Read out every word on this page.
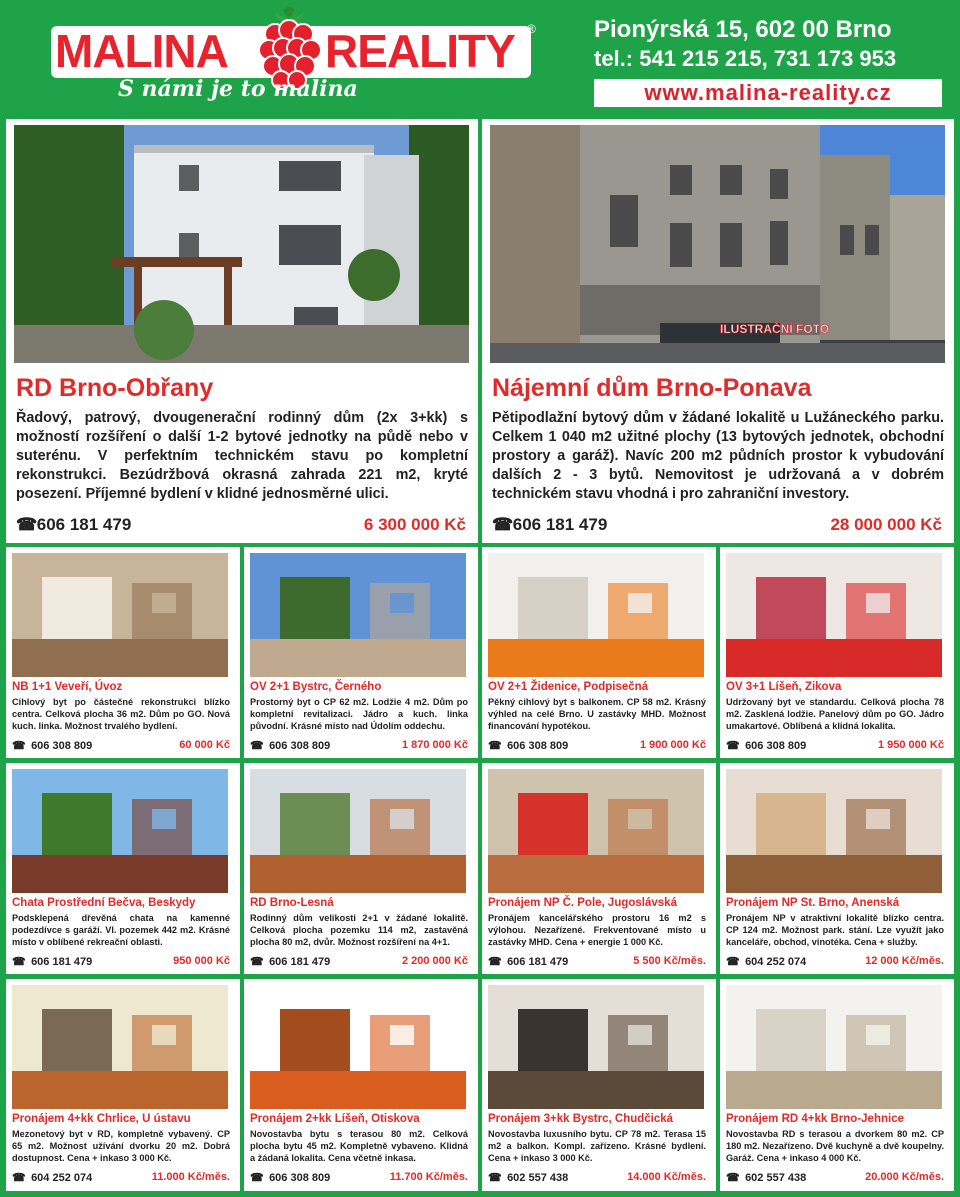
MALINA REALITY ®
S námi je to malina
Pionýrská 15, 602 00 Brno
tel.: 541 215 215, 731 173 953
www.malina-reality.cz
RD Brno-Obřany
Řadový, patrový, dvougenerační rodinný dům (2x 3+kk) s možností rozšíření o další 1-2 bytové jednotky na půdě nebo v suterénu. V perfektním technickém stavu po kompletní rekonstrukci. Bezúdržbová okrasná zahrada 221 m2, kryté posezení. Příjemné bydlení v klidné jednosměrné ulici.
☎ 606 181 479	6 300 000 Kč
ILUSTRAČNÍ FOTO
Nájemní dům Brno-Ponava
Pětipodlažní bytový dům v žádané lokalitě u Lužáneckého parku. Celkem 1 040 m2 užitné plochy (13 bytových jednotek, obchodní prostory a garáž). Navíc 200 m2 půdních prostor k vybudování dalších 2 - 3 bytů. Nemovitost je udržovaná a v dobrém technickém stavu vhodná i pro zahraniční investory.
☎ 606 181 479	28 000 000 Kč
NB 1+1 Veveří, Úvoz
Cihlový byt po částečné rekonstrukci blízko centra. Celková plocha 36 m2. Dům po GO. Nová kuch. linka. Možnost trvalého bydlení.
☎ 606 308 809	60 000 Kč
OV 2+1 Bystrc, Černého
Prostorný byt o CP 62 m2. Lodžie 4 m2. Dům po kompletní revitalizaci. Jádro a kuch. linka původní. Krásné místo nad Údolím oddechu.
☎ 606 308 809	1 870 000 Kč
OV 2+1 Židenice, Podpisečná
Pěkný cihlový byt s balkonem. CP 58 m2. Krásný výhled na celé Brno. U zastávky MHD. Možnost financování hypotékou.
☎ 606 308 809	1 900 000 Kč
OV 3+1 Líšeň, Zikova
Udržovaný byt ve standardu. Celková plocha 78 m2. Zasklená lodžie. Panelový dům po GO. Jádro umakartové. Oblíbená a klidná lokalita.
☎ 606 308 809	1 950 000 Kč
Chata Prostřední Bečva, Beskydy
Podsklepená dřevěná chata na kamenné podezdívce s garáží. Vl. pozemek 442 m2. Krásné místo v oblíbené rekreační oblasti.
☎ 606 181 479	950 000 Kč
RD Brno-Lesná
Rodinný dům velikosti 2+1 v žádané lokalitě. Celková plocha pozemku 114 m2, zastavěná plocha 80 m2, dvůr. Možnost rozšíření na 4+1.
☎ 606 181 479	2 200 000 Kč
Pronájem NP Č. Pole, Jugoslávská
Pronájem kancelářského prostoru 16 m2 s výlohou. Nezařízené. Frekventované místo u zastávky MHD. Cena + energie 1 000 Kč.
☎ 606 181 479	5 500 Kč/měs.
Pronájem NP St. Brno, Anenská
Pronájem NP v atraktivní lokalitě blízko centra. CP 124 m2. Možnost park. stání. Lze využít jako kanceláře, obchod, vinotéka. Cena + služby.
☎ 604 252 074	12 000 Kč/měs.
Pronájem 4+kk Chrlice, U ústavu
Mezonetový byt v RD, kompletně vybavený. CP 65 m2. Možnost užívání dvorku 20 m2. Dobrá dostupnost. Cena + inkaso 3 000 Kč.
☎ 604 252 074	11.000 Kč/měs.
Pronájem 2+kk Líšeň, Otiskova
Novostavba bytu s terasou 80 m2. Celková plocha bytu 45 m2. Kompletně vybaveno. Klidná a žádaná lokalita. Cena včetně inkasa.
☎ 606 308 809	11.700 Kč/měs.
Pronájem 3+kk Bystrc, Chudčická
Novostavba luxusního bytu. CP 78 m2. Terasa 15 m2 a balkon. Kompl. zařízeno. Krásné bydlení. Cena + inkaso 3 000 Kč.
☎ 602 557 438	14.000 Kč/měs.
Pronájem RD 4+kk Brno-Jehnice
Novostavba RD s terasou a dvorkem 80 m2. CP 180 m2. Nezařízeno. Dvě kuchyně a dvě koupelny. Garáž. Cena + inkaso 4 000 Kč.
☎ 602 557 438	20.000 Kč/měs.
